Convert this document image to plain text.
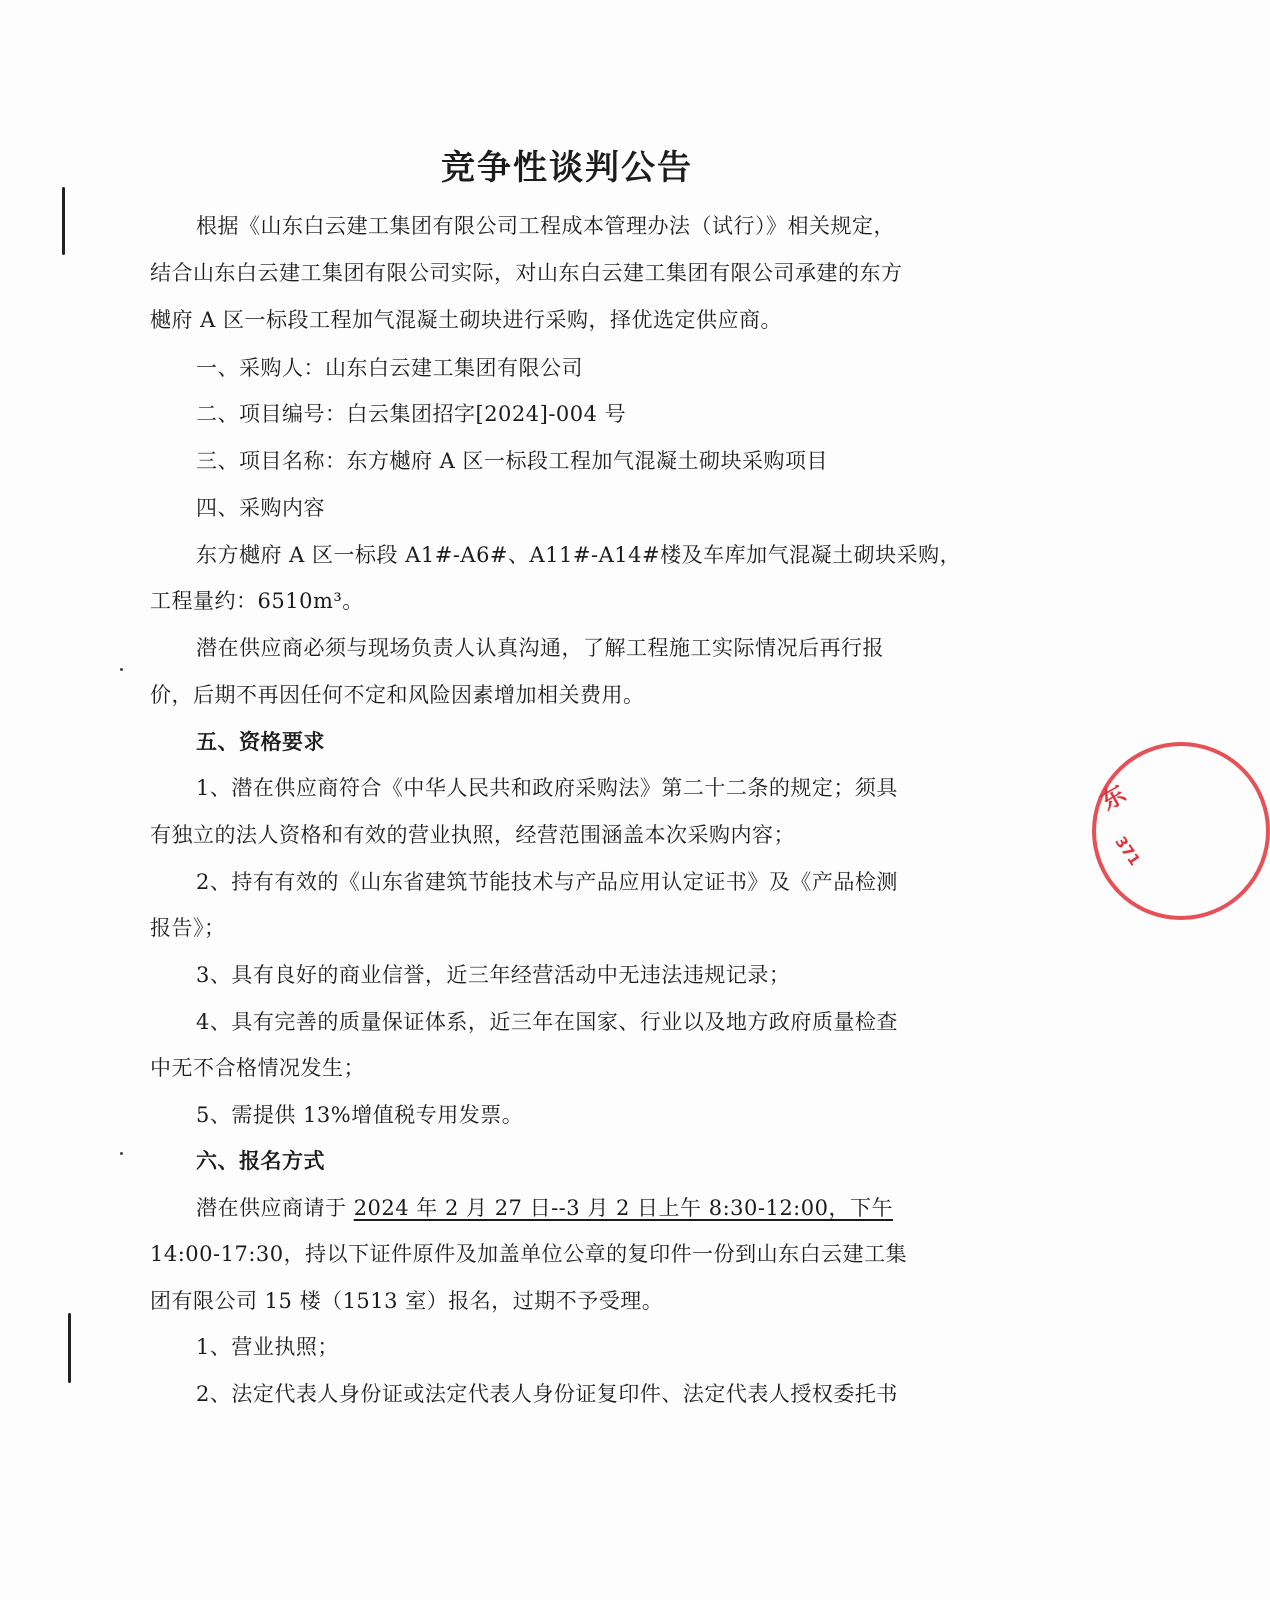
竞争性谈判公告
根据《山东白云建工集团有限公司工程成本管理办法（试行）》相关规定，
结合山东白云建工集团有限公司实际，对山东白云建工集团有限公司承建的东方
樾府 A 区一标段工程加气混凝土砌块进行采购，择优选定供应商。
一、采购人：山东白云建工集团有限公司
二、项目编号：白云集团招字[2024]-004 号
三、项目名称：东方樾府 A 区一标段工程加气混凝土砌块采购项目
四、采购内容
东方樾府 A 区一标段 A1#-A6#、A11#-A14#楼及车库加气混凝土砌块采购，
工程量约：6510m³。
潜在供应商必须与现场负责人认真沟通，了解工程施工实际情况后再行报
价，后期不再因任何不定和风险因素增加相关费用。
五、资格要求
1、潜在供应商符合《中华人民共和政府采购法》第二十二条的规定；须具
有独立的法人资格和有效的营业执照，经营范围涵盖本次采购内容；
2、持有有效的《山东省建筑节能技术与产品应用认定证书》及《产品检测
报告》；
3、具有良好的商业信誉，近三年经营活动中无违法违规记录；
4、具有完善的质量保证体系，近三年在国家、行业以及地方政府质量检查
中无不合格情况发生；
5、需提供 13%增值税专用发票。
六、报名方式
潜在供应商请于 2024 年 2 月 27 日--3 月 2 日上午 8:30-12:00，下午
14:00-17:30，持以下证件原件及加盖单位公章的复印件一份到山东白云建工集
团有限公司 15 楼（1513 室）报名，过期不予受理。
1、营业执照；
2、法定代表人身份证或法定代表人身份证复印件、法定代表人授权委托书
东
371
